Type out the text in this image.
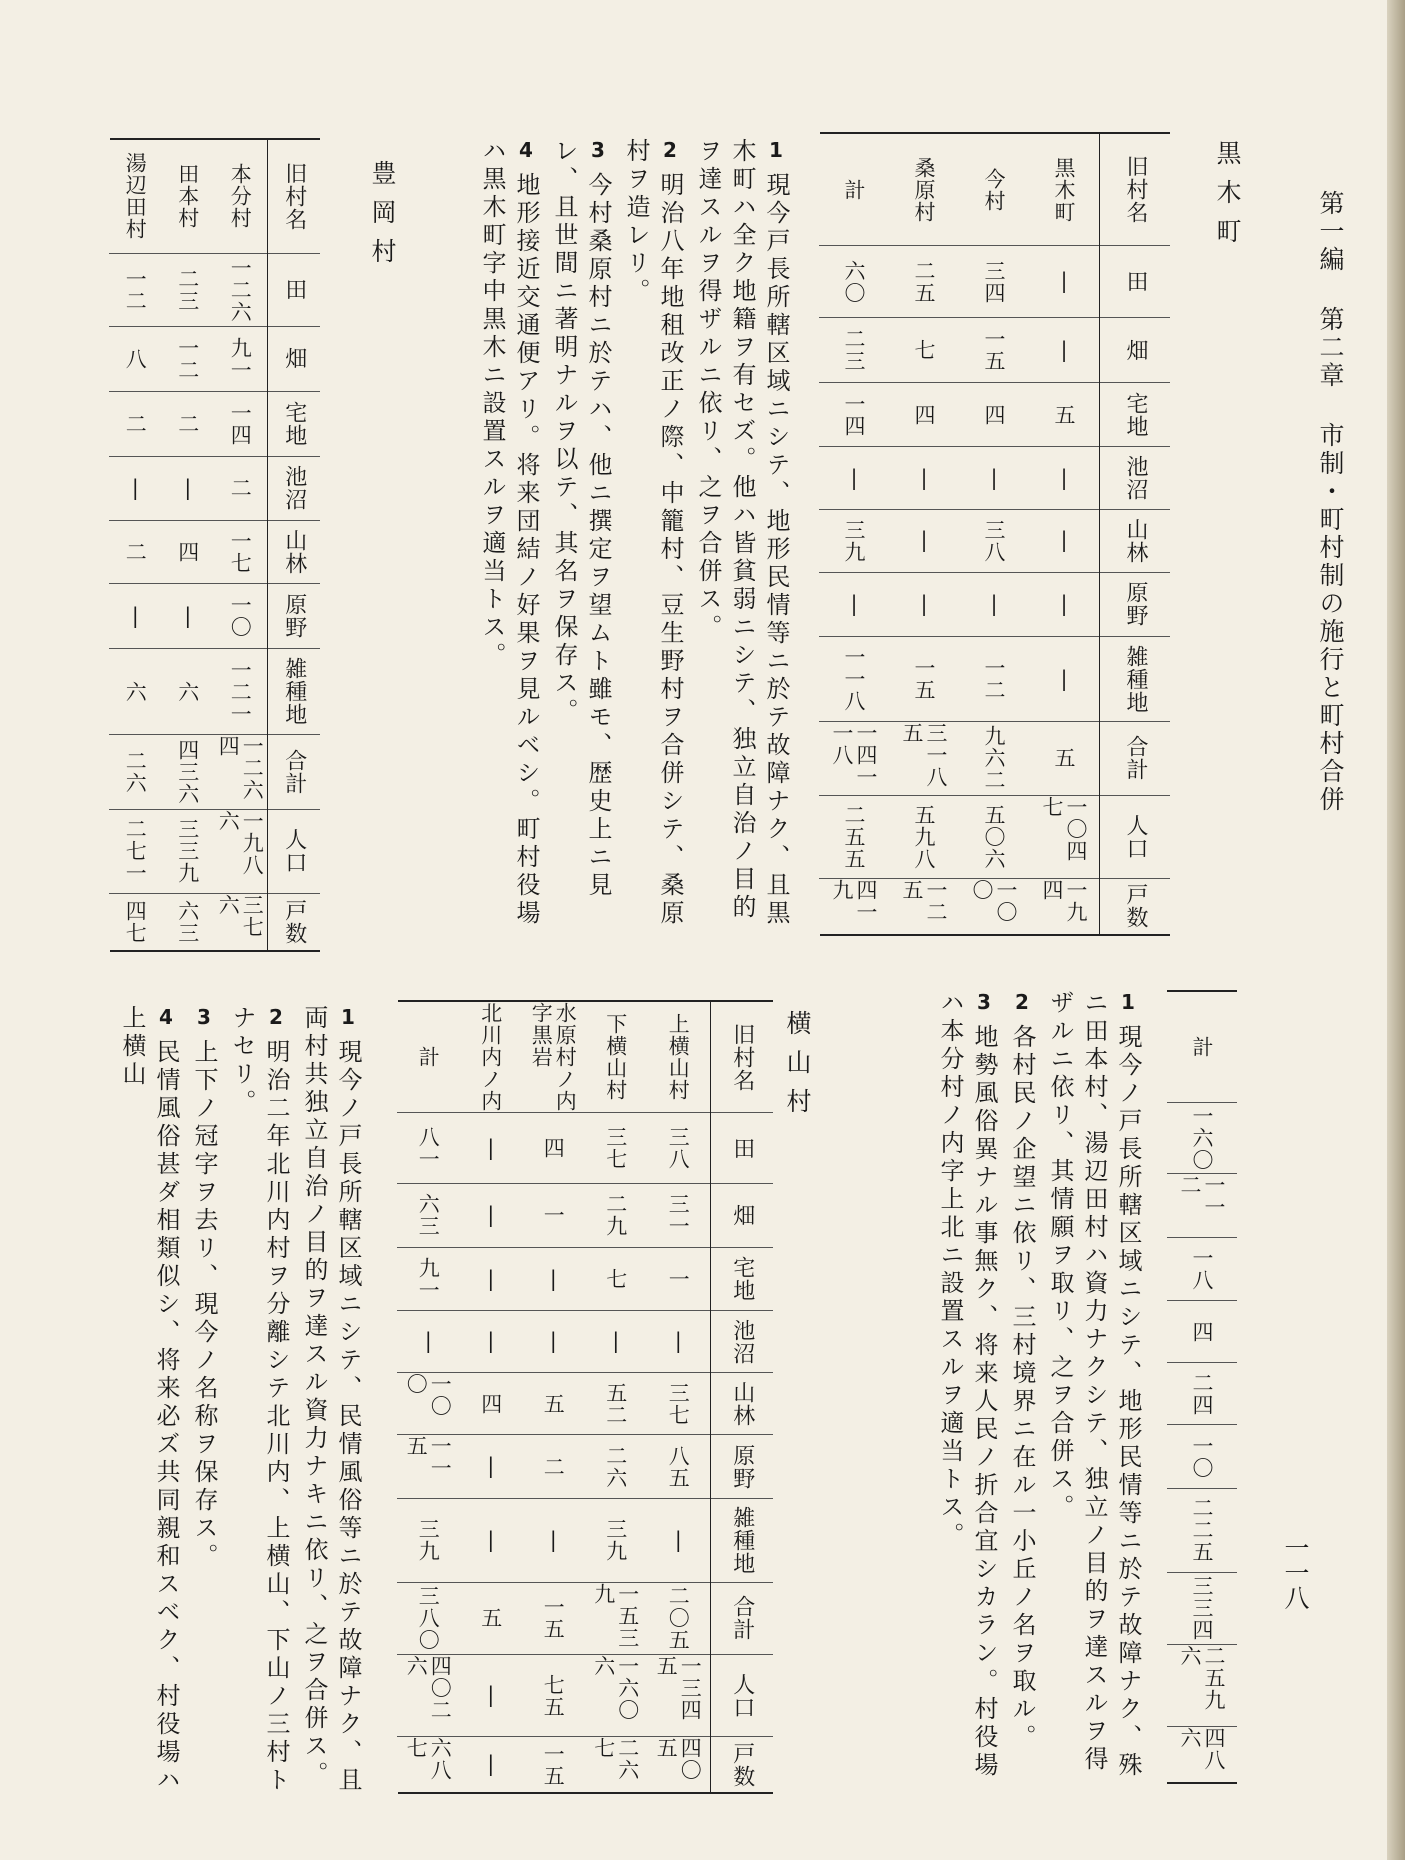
第一編 第二章 市制・町村制の施行と町村合併
一一八
黒木町
旧村名
田
畑
宅地
池沼
山林
原野
雑種地
合計
人口
戸数
黒木町
|
|
五
|
|
|
|
五
一〇四七
一九四
今村
三四
一五
四
|
三八
|
一二
九六二
五〇六
一〇〇
桑原村
二五
七
四
|
|
|
一五
三一八五
五九八
一二五
計
六〇
二三
一四
|
三九
|
一一八
一四一一八
二五五
四一九
1現今戸長所轄区域ニシテ、地形民情等ニ於テ故障ナク、且黒木町ハ全ク地籍ヲ有セズ。他ハ皆貧弱ニシテ、独立自治ノ目的ヲ達スルヲ得ザルニ依リ、之ヲ合併ス。
2明治八年地租改正ノ際、中籠村、豆生野村ヲ合併シテ、桑原村ヲ造レリ。
3今村桑原村ニ於テハ、他ニ撰定ヲ望ムト雖モ、歴史上ニ見レ、且世間ニ著明ナルヲ以テ、其名ヲ保存ス。
4地形接近交通便アリ。将来団結ノ好果ヲ見ルベシ。町村役場ハ黒木町字中黒木ニ設置スルヲ適当トス。
豊岡村
旧村名
田
畑
宅地
池沼
山林
原野
雑種地
合計
人口
戸数
本分村
一二六
九一
一四
二
一七
一〇
一二一
一二六四
一九八六
三七六
田本村
二三
一二
二
|
四
|
六
四三六
三三九
六三
湯辺田村
一二
八
二
|
二
|
六
二六
二七一
四七
計
一六〇
一一二
一八
四
二四
一〇
二二五
三三四
二五九六
四八六
1現今ノ戸長所轄区域ニシテ、地形民情等ニ於テ故障ナク、殊ニ田本村、湯辺田村ハ資力ナクシテ、独立ノ目的ヲ達スルヲ得ザルニ依リ、其情願ヲ取リ、之ヲ合併ス。
2各村民ノ企望ニ依リ、三村境界ニ在ル一小丘ノ名ヲ取ル。
3地勢風俗異ナル事無ク、将来人民ノ折合宜シカラン。村役場ハ本分村ノ内字上北ニ設置スルヲ適当トス。
横山村
旧村名
田
畑
宅地
池沼
山林
原野
雑種地
合計
人口
戸数
上横山村
三八
三一
一
|
三七
八五
|
二〇五
一三四五
四〇五
下横山村
三七
二九
七
|
五二
二六
三九
一五三九
一六〇六
二六七
水原村ノ内字黒岩
四
一
|
|
五
二
|
一五
七五
一五
北川内ノ内
|
|
|
|
四
|
|
五
|
|
計
八一
六三
九一
|
一〇〇
一一五
三九
三八〇
四〇二六
六八七
1現今ノ戸長所轄区域ニシテ、民情風俗等ニ於テ故障ナク、且両村共独立自治ノ目的ヲ達スル資力ナキニ依リ、之ヲ合併ス。
2明治二年北川内村ヲ分離シテ北川内、上横山、下山ノ三村トナセリ。
3上下ノ冠字ヲ去リ、現今ノ名称ヲ保存ス。
4民情風俗甚ダ相類似シ、将来必ズ共同親和スベク、村役場ハ上横山
